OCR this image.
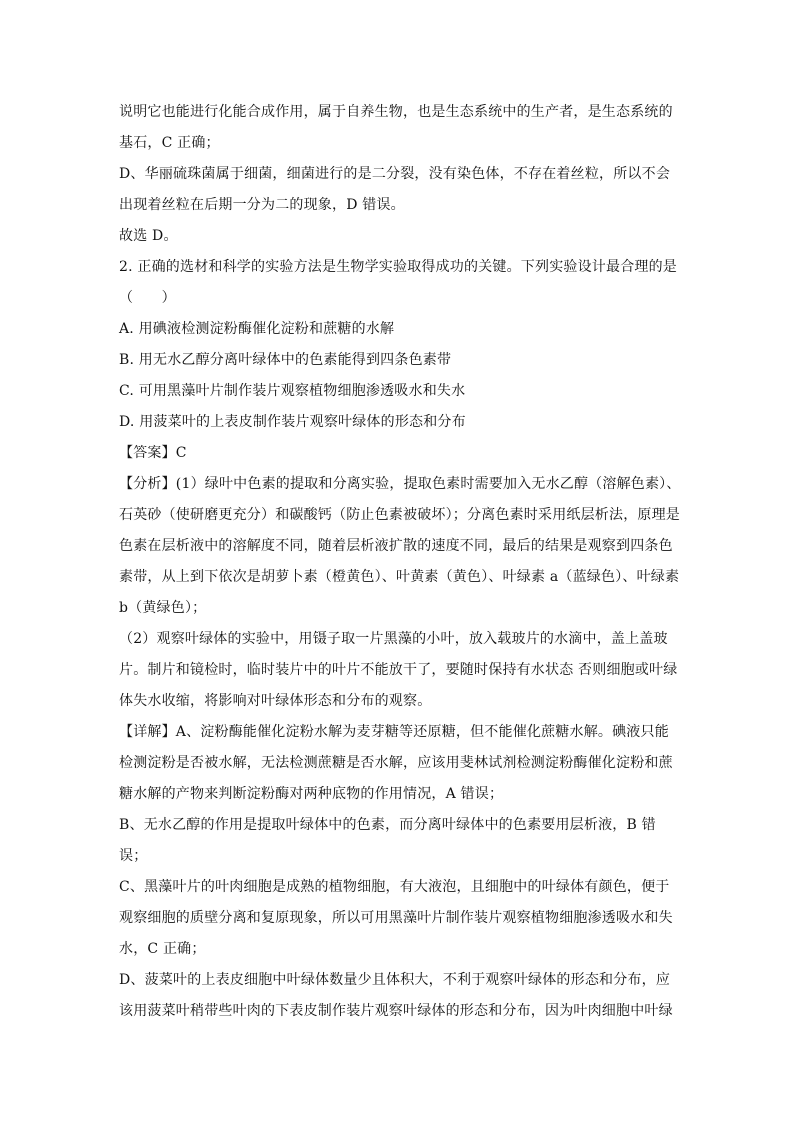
说明它也能进行化能合成作用，属于自养生物，也是生态系统中的生产者，是生态系统的
基石，C 正确；
D、华丽硫珠菌属于细菌，细菌进行的是二分裂，没有染色体，不存在着丝粒，所以不会
出现着丝粒在后期一分为二的现象，D 错误。
故选 D。
2. 正确的选材和科学的实验方法是生物学实验取得成功的关键。下列实验设计最合理的是
（　　）
A. 用碘液检测淀粉酶催化淀粉和蔗糖的水解
B. 用无水乙醇分离叶绿体中的色素能得到四条色素带
C. 可用黑藻叶片制作装片观察植物细胞渗透吸水和失水
D. 用菠菜叶的上表皮制作装片观察叶绿体的形态和分布
【答案】C
【分析】(1）绿叶中色素的提取和分离实验，提取色素时需要加入无水乙醇（溶解色素）、
石英砂（使研磨更充分）和碳酸钙（防止色素被破坏）；分离色素时采用纸层析法，原理是
色素在层析液中的溶解度不同，随着层析液扩散的速度不同，最后的结果是观察到四条色
素带，从上到下依次是胡萝卜素（橙黄色）、叶黄素（黄色）、叶绿素 a（蓝绿色）、叶绿素
b（黄绿色）；
（2）观察叶绿体的实验中，用镊子取一片黑藻的小叶，放入载玻片的水滴中，盖上盖玻
片。制片和镜检时，临时装片中的叶片不能放干了，要随时保持有水状态 否则细胞或叶绿
体失水收缩，将影响对叶绿体形态和分布的观察。
【详解】A、淀粉酶能催化淀粉水解为麦芽糖等还原糖，但不能催化蔗糖水解。碘液只能
检测淀粉是否被水解，无法检测蔗糖是否水解，应该用斐林试剂检测淀粉酶催化淀粉和蔗
糖水解的产物来判断淀粉酶对两种底物的作用情况，A 错误；
B、无水乙醇的作用是提取叶绿体中的色素，而分离叶绿体中的色素要用层析液，B 错
误；
C、黑藻叶片的叶肉细胞是成熟的植物细胞，有大液泡，且细胞中的叶绿体有颜色，便于
观察细胞的质壁分离和复原现象，所以可用黑藻叶片制作装片观察植物细胞渗透吸水和失
水，C 正确；
D、菠菜叶的上表皮细胞中叶绿体数量少且体积大，不利于观察叶绿体的形态和分布，应
该用菠菜叶稍带些叶肉的下表皮制作装片观察叶绿体的形态和分布，因为叶肉细胞中叶绿
